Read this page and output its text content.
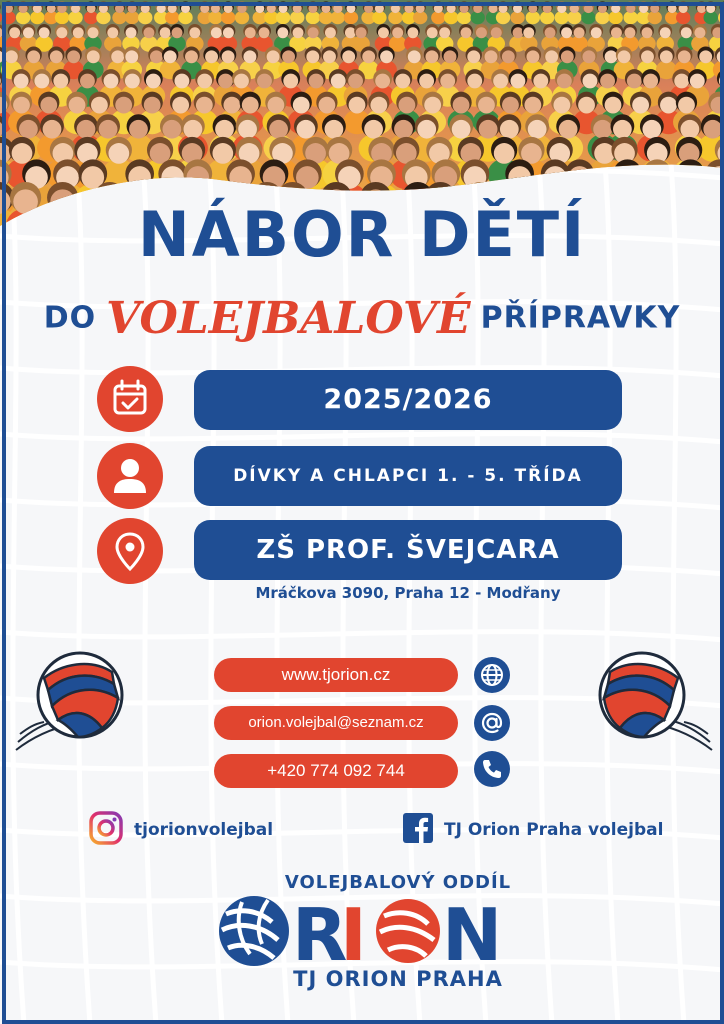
NÁBOR DĚTÍ
DO VOLEJBALOVÉ PŘÍPRAVKY
2025/2026
DÍVKY A CHLAPCI 1. - 5. TŘÍDA
ZŠ PROF. ŠVEJCARA
Mráčkova 3090, Praha 12 - Modřany
www.tjorion.cz
orion.volejbal@seznam.cz
+420 774 092 744
tjorionvolejbal	TJ Orion Praha volejbal
VOLEJBALOVÝ ODDÍL
R
I N
TJ ORION PRAHA
